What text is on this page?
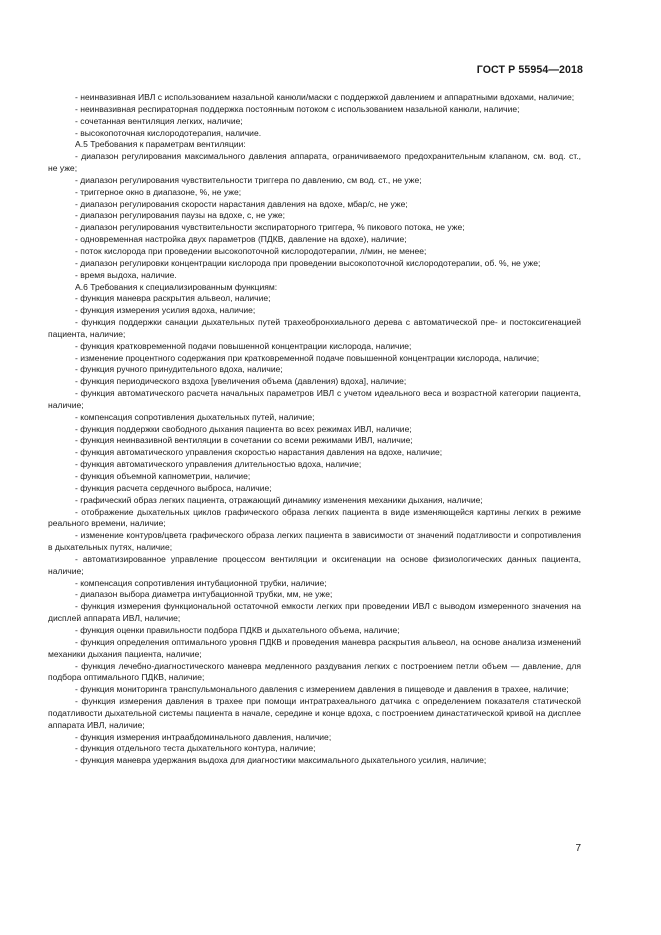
ГОСТ Р 55954—2018

- неинвазивная ИВЛ с использованием назальной канюли/маски с поддержкой давлением и аппаратными вдохами, наличие;

- неинвазивная респираторная поддержка постоянным потоком с использованием назальной канюли, наличие;

- сочетанная вентиляция легких, наличие;

- высокопоточная кислородотерапия, наличие.

А.5 Требования к параметрам вентиляции:

- диапазон регулирования максимального давления аппарата, ограничиваемого предохранительным клапаном, см. вод. ст., не уже;

- диапазон регулирования чувствительности триггера по давлению, см вод. ст., не уже;

- триггерное окно в диапазоне, %, не уже;

- диапазон регулирования скорости нарастания давления на вдохе, мбар/с, не уже;

- диапазон регулирования паузы на вдохе, с, не уже;

- диапазон регулирования чувствительности экспираторного триггера, % пикового потока, не уже;

- одновременная настройка двух параметров (ПДКВ, давление на вдохе), наличие;

- поток кислорода при проведении высокопоточной кислородотерапии, л/мин, не менее;

- диапазон регулировки концентрации кислорода при проведении высокопоточной кислородотерапии, об. %, не уже;

- время выдоха, наличие.

А.6 Требования к специализированным функциям:

- функция маневра раскрытия альвеол, наличие;

- функция измерения усилия вдоха, наличие;

- функция поддержки санации дыхательных путей трахеобронхиального дерева с автоматической пре- и постоксигенацией пациента, наличие;

- функция кратковременной подачи повышенной концентрации кислорода, наличие;

- изменение процентного содержания при кратковременной подаче повышенной концентрации кислорода, наличие;

- функция ручного принудительного вдоха, наличие;

- функция периодического вздоха [увеличения объема (давления) вдоха], наличие;

- функция автоматического расчета начальных параметров ИВЛ с учетом идеального веса и возрастной категории пациента, наличие;

- компенсация сопротивления дыхательных путей, наличие;

- функция поддержки свободного дыхания пациента во всех режимах ИВЛ, наличие;

- функция неинвазивной вентиляции в сочетании со всеми режимами ИВЛ, наличие;

- функция автоматического управления скоростью нарастания давления на вдохе, наличие;

- функция автоматического управления длительностью вдоха, наличие;

- функция объемной капнометрии, наличие;

- функция расчета сердечного выброса, наличие;

- графический образ легких пациента, отражающий динамику изменения механики дыхания, наличие;

- отображение дыхательных циклов графического образа легких пациента в виде изменяющейся картины легких в режиме реального времени, наличие;

- изменение контуров/цвета графического образа легких пациента в зависимости от значений податливости и сопротивления в дыхательных путях, наличие;

- автоматизированное управление процессом вентиляции и оксигенации на основе физиологических данных пациента, наличие;

- компенсация сопротивления интубационной трубки, наличие;

- диапазон выбора диаметра интубационной трубки, мм, не уже;

- функция измерения функциональной остаточной емкости легких при проведении ИВЛ с выводом измеренного значения на дисплей аппарата ИВЛ, наличие;

- функция оценки правильности подбора ПДКВ и дыхательного объема, наличие;

- функция определения оптимального уровня ПДКВ и проведения маневра раскрытия альвеол, на основе анализа изменений механики дыхания пациента, наличие;

- функция лечебно-диагностического маневра медленного раздувания легких с построением петли объем — давление, для подбора оптимального ПДКВ, наличие;

- функция мониторинга транспульмонального давления с измерением давления в пищеводе и давления в трахее, наличие;

- функция измерения давления в трахее при помощи интратрахеального датчика с определением показателя статической податливости дыхательной системы пациента в начале, середине и конце вдоха, с построением династатической кривой на дисплее аппарата ИВЛ, наличие;

- функция измерения интраабдоминального давления, наличие;

- функция отдельного теста дыхательного контура, наличие;

- функция маневра удержания выдоха для диагностики максимального дыхательного усилия, наличие;

7
